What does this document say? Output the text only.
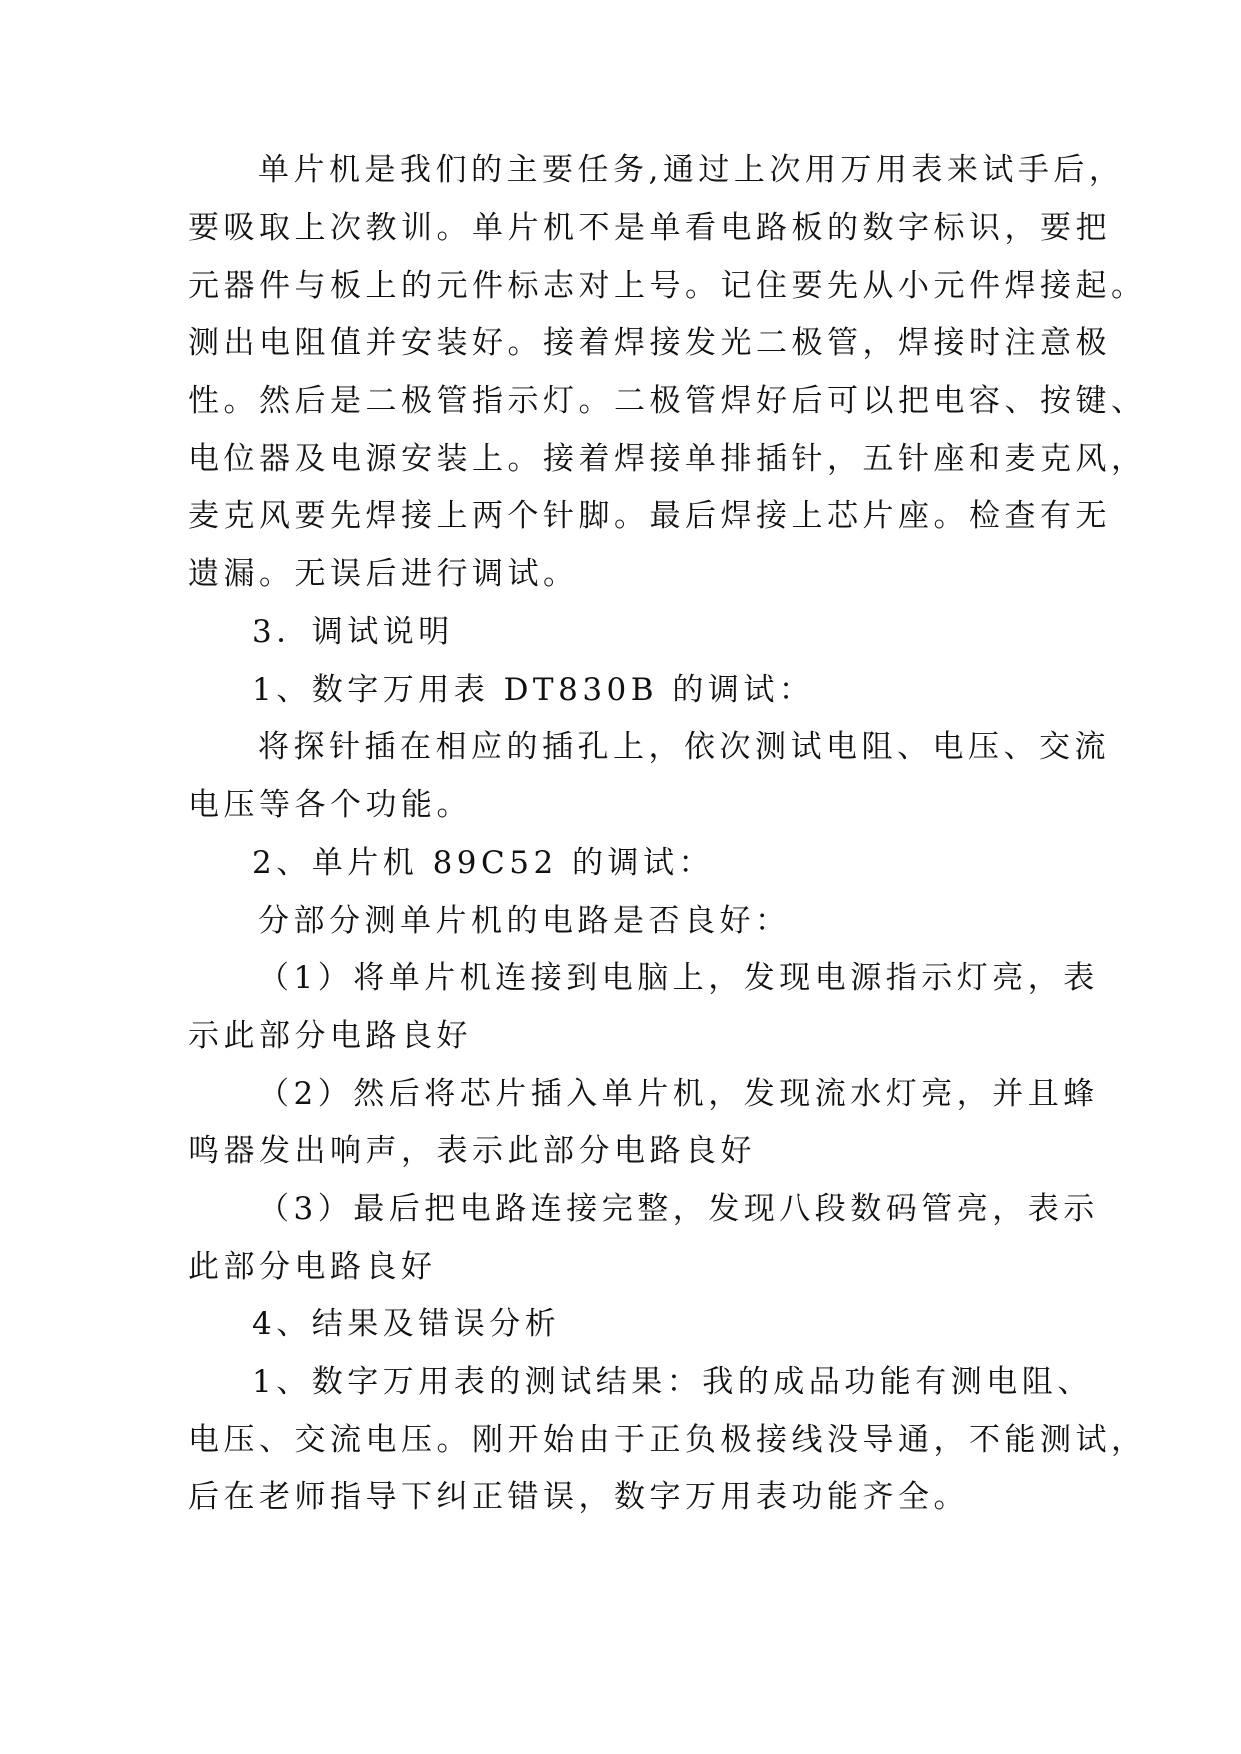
单片机是我们的主要任务,通过上次用万用表来试手后，
要吸取上次教训。单片机不是单看电路板的数字标识，要把
元器件与板上的元件标志对上号。记住要先从小元件焊接起。
测出电阻值并安装好。接着焊接发光二极管，焊接时注意极
性。然后是二极管指示灯。二极管焊好后可以把电容、按键、
电位器及电源安装上。接着焊接单排插针，五针座和麦克风，
麦克风要先焊接上两个针脚。最后焊接上芯片座。检查有无
遗漏。无误后进行调试。
3．调试说明
1、数字万用表 DT830B 的调试：
将探针插在相应的插孔上，依次测试电阻、电压、交流
电压等各个功能。
2、单片机 89C52 的调试：
分部分测单片机的电路是否良好：
（1）将单片机连接到电脑上，发现电源指示灯亮，表
示此部分电路良好
（2）然后将芯片插入单片机，发现流水灯亮，并且蜂
鸣器发出响声，表示此部分电路良好
（3）最后把电路连接完整，发现八段数码管亮，表示
此部分电路良好
4、结果及错误分析
1、数字万用表的测试结果：我的成品功能有测电阻、
电压、交流电压。刚开始由于正负极接线没导通，不能测试，
后在老师指导下纠正错误，数字万用表功能齐全。
